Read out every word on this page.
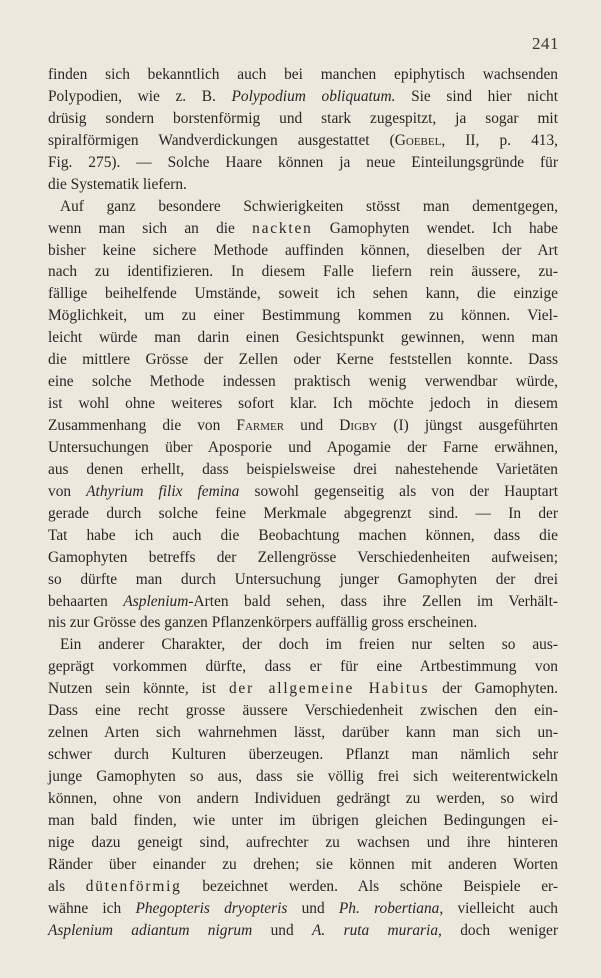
241
finden sich bekanntlich auch bei manchen epiphytisch wachsenden
Polypodien, wie z. B. Polypodium obliquatum. Sie sind hier nicht
drüsig sondern borstenförmig und stark zugespitzt, ja sogar mit
spiralförmigen Wandverdickungen ausgestattet (Goebel, II, p. 413,
Fig. 275). — Solche Haare können ja neue Einteilungsgründe für
die Systematik liefern.
Auf ganz besondere Schwierigkeiten stösst man dementgegen,
wenn man sich an die nackten Gamophyten wendet. Ich habe
bisher keine sichere Methode auffinden können, dieselben der Art
nach zu identifizieren. In diesem Falle liefern rein äussere, zu-
fällige beihelfende Umstände, soweit ich sehen kann, die einzige
Möglichkeit, um zu einer Bestimmung kommen zu können. Viel-
leicht würde man darin einen Gesichtspunkt gewinnen, wenn man
die mittlere Grösse der Zellen oder Kerne feststellen konnte. Dass
eine solche Methode indessen praktisch wenig verwendbar würde,
ist wohl ohne weiteres sofort klar. Ich möchte jedoch in diesem
Zusammenhang die von Farmer und Digby (I) jüngst ausgeführten
Untersuchungen über Aposporie und Apogamie der Farne erwähnen,
aus denen erhellt, dass beispielsweise drei nahestehende Varietäten
von Athyrium filix femina sowohl gegenseitig als von der Hauptart
gerade durch solche feine Merkmale abgegrenzt sind. — In der
Tat habe ich auch die Beobachtung machen können, dass die
Gamophyten betreffs der Zellengrösse Verschiedenheiten aufweisen;
so dürfte man durch Untersuchung junger Gamophyten der drei
behaarten Asplenium-Arten bald sehen, dass ihre Zellen im Verhält-
nis zur Grösse des ganzen Pflanzenkörpers auffällig gross erscheinen.
Ein anderer Charakter, der doch im freien nur selten so aus-
geprägt vorkommen dürfte, dass er für eine Artbestimmung von
Nutzen sein könnte, ist der allgemeine Habitus der Gamophyten.
Dass eine recht grosse äussere Verschiedenheit zwischen den ein-
zelnen Arten sich wahrnehmen lässt, darüber kann man sich un-
schwer durch Kulturen überzeugen. Pflanzt man nämlich sehr
junge Gamophyten so aus, dass sie völlig frei sich weiterentwickeln
können, ohne von andern Individuen gedrängt zu werden, so wird
man bald finden, wie unter im übrigen gleichen Bedingungen ei-
nige dazu geneigt sind, aufrechter zu wachsen und ihre hinteren
Ränder über einander zu drehen; sie können mit anderen Worten
als dütenförmig bezeichnet werden. Als schöne Beispiele er-
wähne ich Phegopteris dryopteris und Ph. robertiana, vielleicht auch
Asplenium adiantum nigrum und A. ruta muraria, doch weniger
